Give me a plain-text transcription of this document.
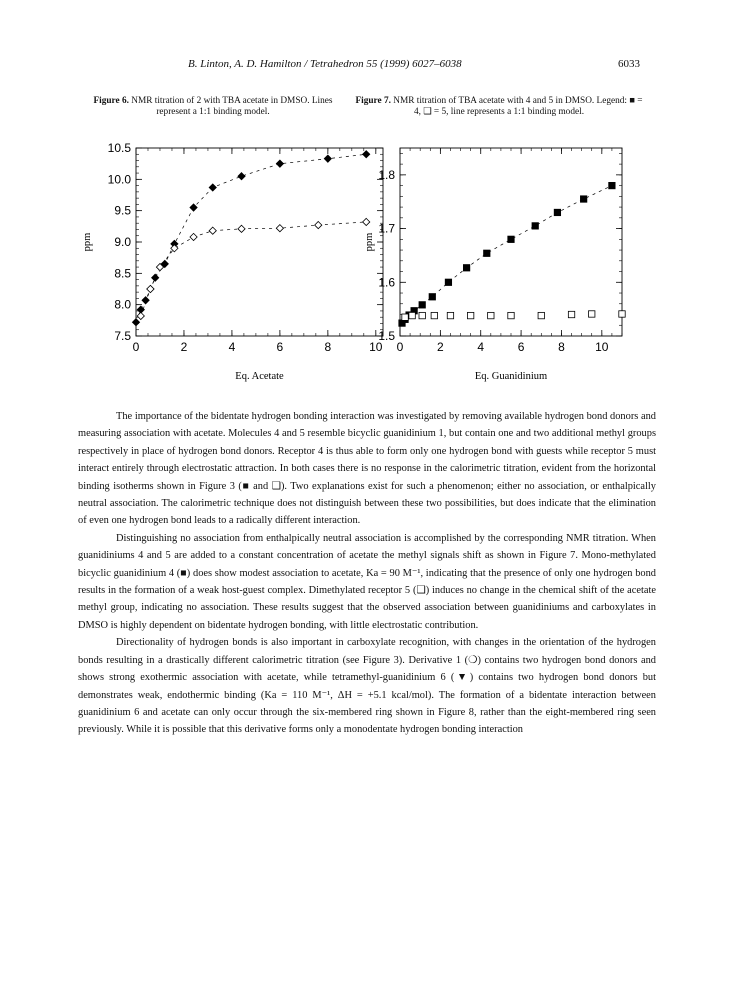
B. Linton, A. D. Hamilton / Tetrahedron 55 (1999) 6027–6038	6033
Figure 6. NMR titration of 2 with TBA acetate in DMSO. Lines represent a 1:1 binding model.
Figure 7. NMR titration of TBA acetate with 4 and 5 in DMSO. Legend: ■ = 4, ❑ = 5, line represents a 1:1 binding model.
0	2	4	6	8	10
7.5
8.0
8.5
9.0
9.5
10.0
10.5
Eq. Acetate
ppm
0	2	4	6	8	10
1.5
1.6
1.7
1.8
Eq. Guanidinium
ppm

The importance of the bidentate hydrogen bonding interaction was investigated by removing available hydrogen bond donors and measuring association with acetate. Molecules 4 and 5 resemble bicyclic guanidinium 1, but contain one and two additional methyl groups respectively in place of hydrogen bond donors. Receptor 4 is thus able to form only one hydrogen bond with guests while receptor 5 must interact entirely through electrostatic attraction. In both cases there is no response in the calorimetric titration, evident from the horizontal binding isotherms shown in Figure 3 (■ and ❑). Two explanations exist for such a phenomenon; either no association, or enthalpically neutral association. The calorimetric technique does not distinguish between these two possibilities, but does indicate that the elimination of even one hydrogen bond leads to a radically different interaction.

Distinguishing no association from enthalpically neutral association is accomplished by the corresponding NMR titration. When guanidiniums 4 and 5 are added to a constant concentration of acetate the methyl signals shift as shown in Figure 7. Mono-methylated bicyclic guanidinium 4 (■) does show modest association to acetate, Ka = 90 M⁻¹, indicating that the presence of only one hydrogen bond results in the formation of a weak host-guest complex. Dimethylated receptor 5 (❑) induces no change in the chemical shift of the acetate methyl group, indicating no association. These results suggest that the observed association between guanidiniums and carboxylates in DMSO is highly dependent on bidentate hydrogen bonding, with little electrostatic contribution.

Directionality of hydrogen bonds is also important in carboxylate recognition, with changes in the orientation of the hydrogen bonds resulting in a drastically different calorimetric titration (see Figure 3). Derivative 1 (❍) contains two hydrogen bond donors and shows strong exothermic association with acetate, while tetramethyl-guanidinium 6 (▼) contains two hydrogen bond donors but demonstrates weak, endothermic binding (Ka = 110 M⁻¹, ΔH = +5.1 kcal/mol). The formation of a bidentate interaction between guanidinium 6 and acetate can only occur through the six-membered ring shown in Figure 8, rather than the eight-membered ring seen previously. While it is possible that this derivative forms only a monodentate hydrogen bonding interaction
